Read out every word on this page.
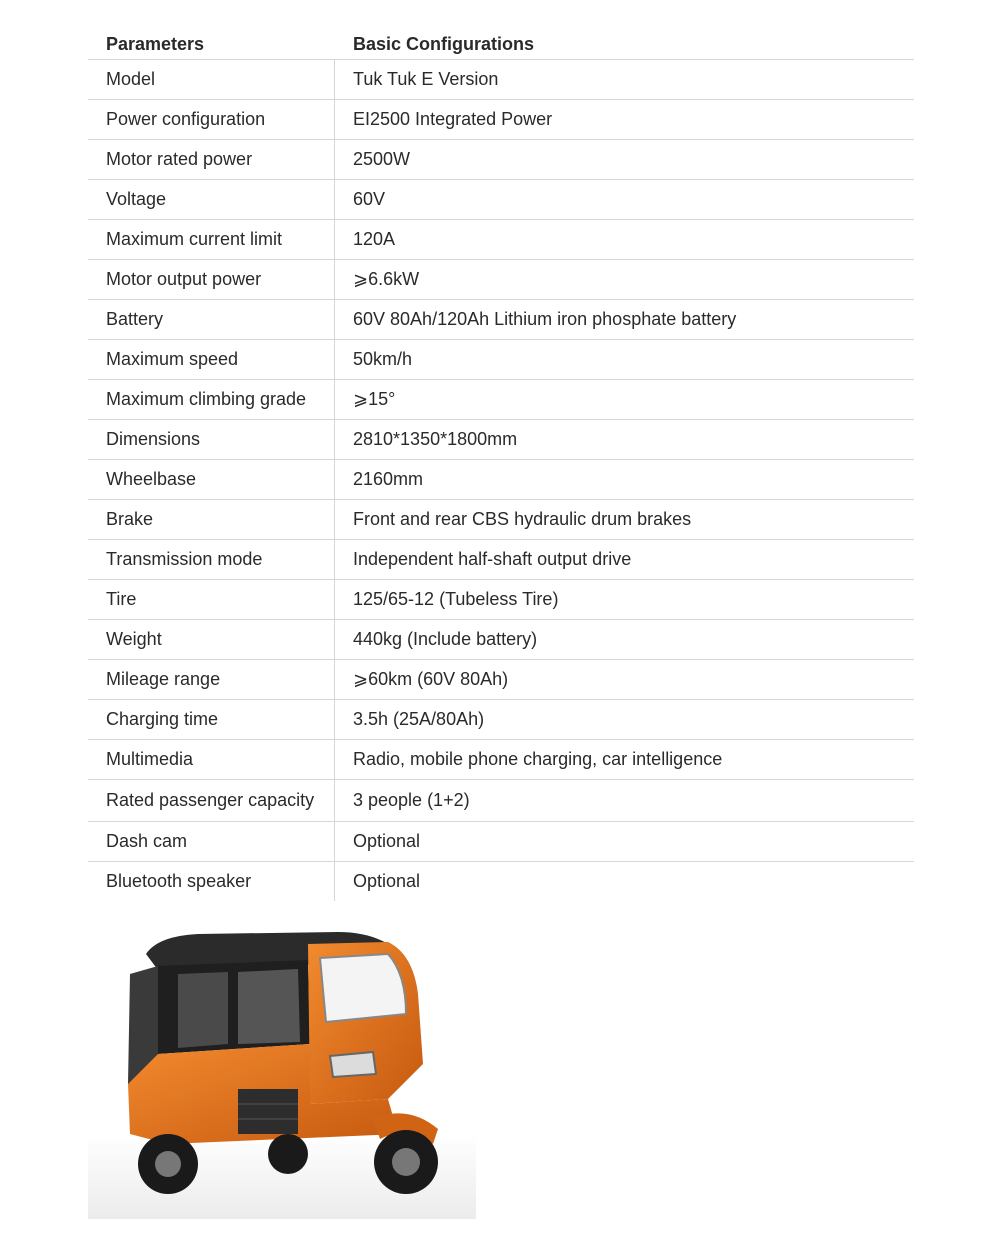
Parameters	Basic Configurations
Model	Tuk Tuk E Version
Power configuration	EI2500 Integrated Power
Motor rated power	2500W
Voltage	60V
Maximum current limit	120A
Motor output power	⩾6.6kW
Battery	60V 80Ah/120Ah Lithium iron phosphate battery
Maximum speed	50km/h
Maximum climbing grade	⩾15°
Dimensions	2810*1350*1800mm
Wheelbase	2160mm
Brake	Front and rear CBS hydraulic drum brakes
Transmission mode	Independent half-shaft output drive
Tire	125/65-12 (Tubeless Tire)
Weight	440kg (Include battery)
Mileage range	⩾60km (60V 80Ah)
Charging time	3.5h (25A/80Ah)
Multimedia	Radio, mobile phone charging, car intelligence
Rated passenger capacity	3 people (1+2)
Dash cam	Optional
Bluetooth speaker	Optional
